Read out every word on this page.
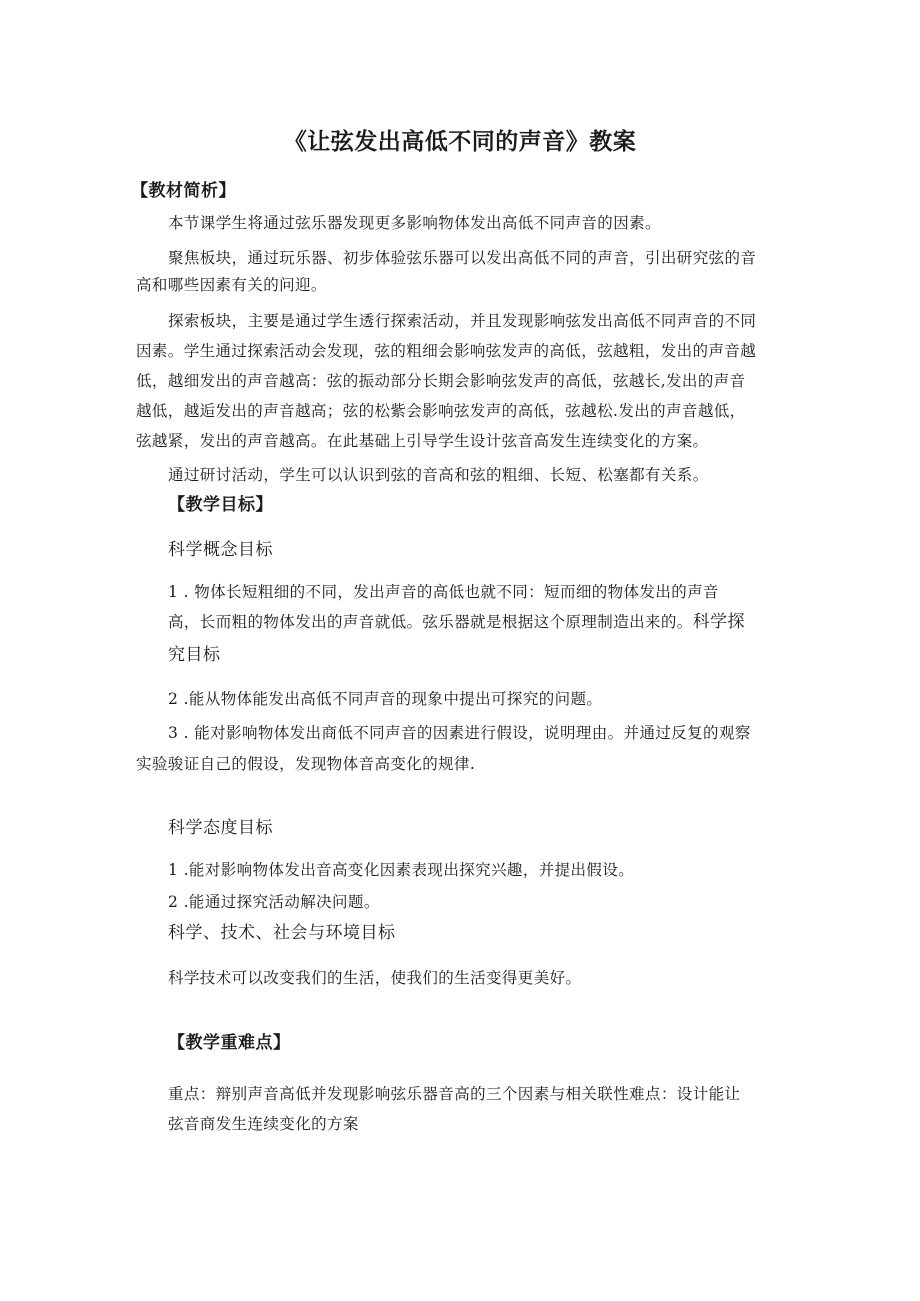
《让弦发出高低不同的声音》教案
【教材简析】

本节课学生将通过弦乐器发现更多影响物体发出高低不同声音的因素。

聚焦板块，通过玩乐器、初步体验弦乐器可以发出高低不同的声音，引出研究弦的音

高和哪些因素有关的问迎。

探索板块，主要是通过学生透行探索活动，并且发现影响弦发出高低不同声音的不同

因素。学生通过探索活动会发现，弦的粗细会影响弦发声的高低，弦越粗，发出的声音越

低，越细发出的声音越高：弦的振动部分长期会影响弦发声的高低，弦越长,发出的声音

越低，越逅发出的声音越高；弦的松紫会影响弦发声的高低，弦越松.发出的声音越低，

弦越紧，发出的声音越高。在此基础上引导学生设计弦音高发生连续变化的方案。

通过研讨活动，学生可以认识到弦的音高和弦的粗细、长短、松塞都有关系。

【教学目标】
科学概念目标

1 . 物体长短粗细的不同，发出声音的高低也就不同：短而细的物体发出的声音

高，长而粗的物体发出的声音就低。弦乐器就是根据这个原理制造出来的。科学探

究目标

2 .能从物体能发出高低不同声音的现象中提出可探究的问题。

3 . 能对影响物体发出商低不同声音的因素进行假设，说明理由。并通过反复的观察

实验骏证自己的假设，发现物体音高变化的规律.

科学态度目标

1 .能对影响物体发出音高变化因素表现出探究兴趣，并提出假设。

2 .能通过探究活动解决问题。

科学、技术、社会与环境目标

科学技术可以改变我们的生活，使我们的生活变得更美好。

【教学重难点】

重点：辩别声音高低并发现影响弦乐器音高的三个因素与相关联性难点：设计能让

弦音商发生连续变化的方案
